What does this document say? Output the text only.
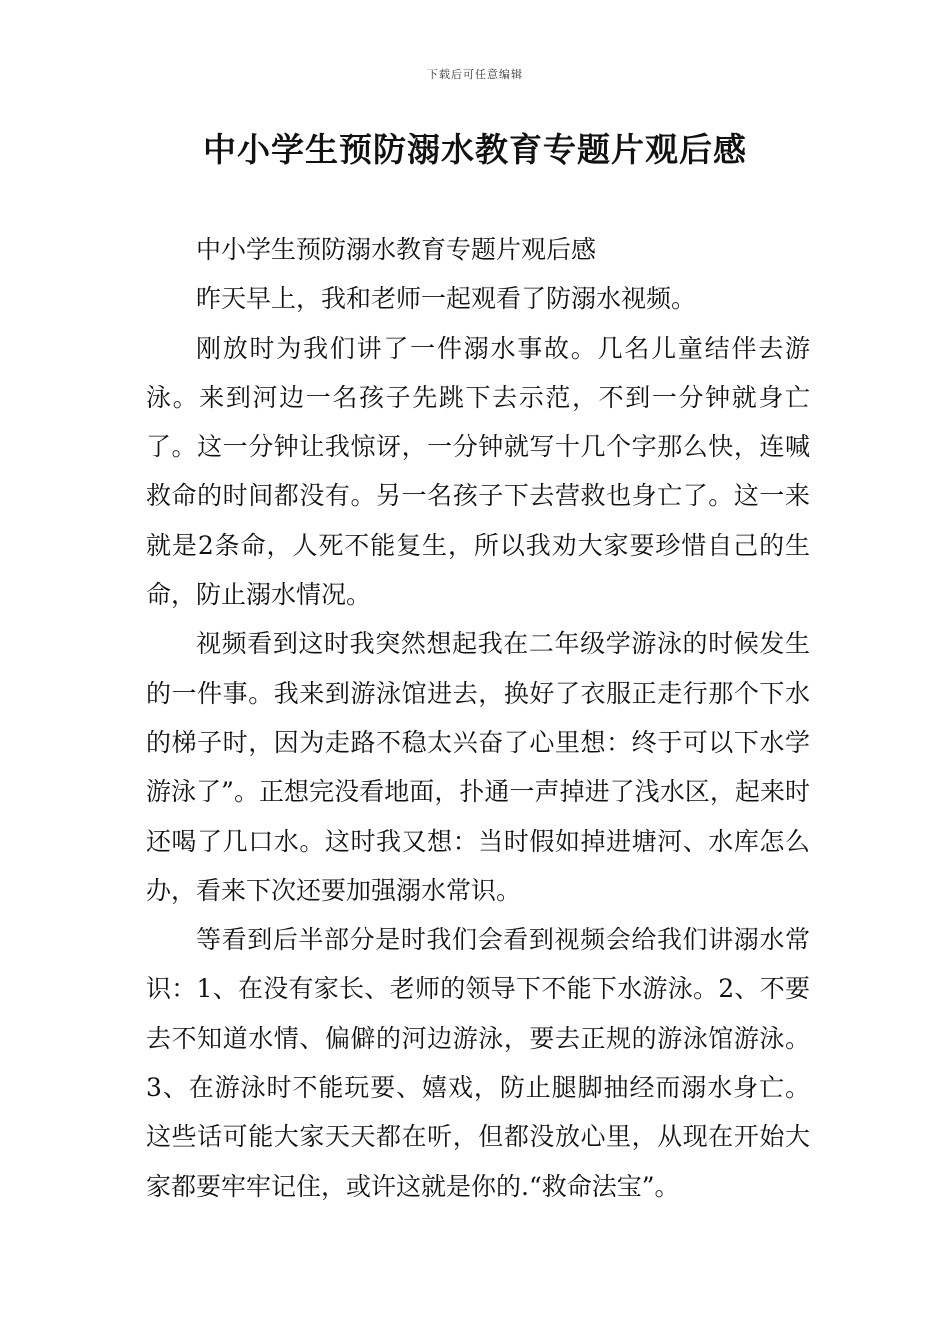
下载后可任意编辑
中小学生预防溺水教育专题片观后感

中小学生预防溺水教育专题片观后感

昨天早上，我和老师一起观看了防溺水视频。

刚放时为我们讲了一件溺水事故。几名儿童结伴去游泳。来到河边一名孩子先跳下去示范，不到一分钟就身亡了。这一分钟让我惊讶，一分钟就写十几个字那么快，连喊救命的时间都没有。另一名孩子下去营救也身亡了。这一来就是2条命，人死不能复生，所以我劝大家要珍惜自己的生命，防止溺水情况。

视频看到这时我突然想起我在二年级学游泳的时候发生的一件事。我来到游泳馆进去，换好了衣服正走行那个下水的梯子时，因为走路不稳太兴奋了心里想：终于可以下水学游泳了”。正想完没看地面，扑通一声掉进了浅水区，起来时还喝了几口水。这时我又想：当时假如掉进塘河、水库怎么办，看来下次还要加强溺水常识。

等看到后半部分是时我们会看到视频会给我们讲溺水常识：1、在没有家长、老师的领导下不能下水游泳。2、不要去不知道水情、偏僻的河边游泳，要去正规的游泳馆游泳。3、在游泳时不能玩要、嬉戏，防止腿脚抽经而溺水身亡。这些话可能大家天天都在听，但都没放心里，从现在开始大家都要牢牢记住，或许这就是你的.“救命法宝”。
